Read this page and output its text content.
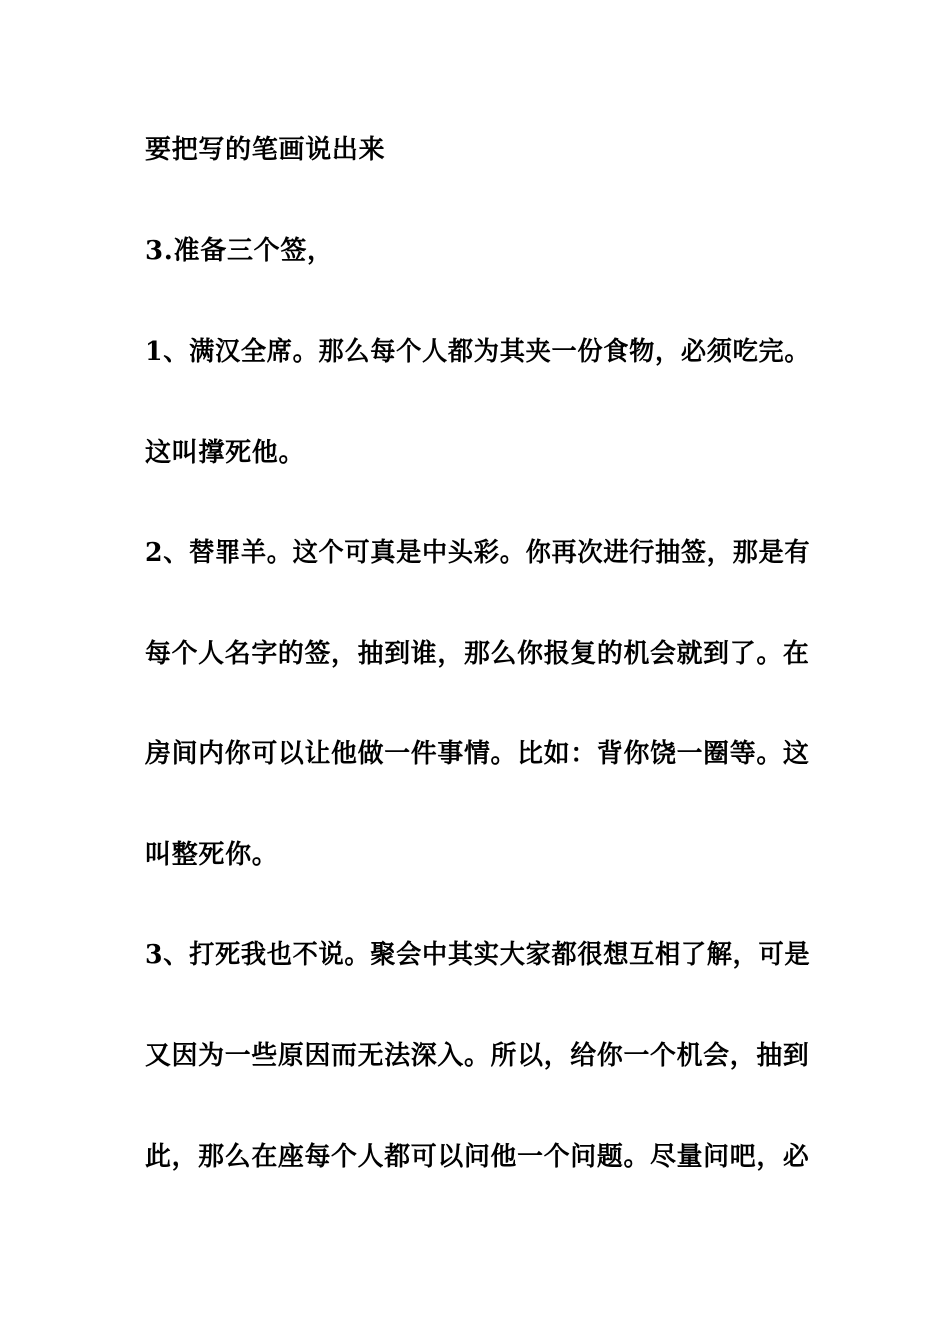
要把写的笔画说出来
3.准备三个签，
1、满汉全席。那么每个人都为其夹一份食物，必须吃完。
这叫撑死他。
2、替罪羊。这个可真是中头彩。你再次进行抽签，那是有
每个人名字的签，抽到谁，那么你报复的机会就到了。在
房间内你可以让他做一件事情。比如：背你饶一圈等。这
叫整死你。
3、打死我也不说。聚会中其实大家都很想互相了解，可是
又因为一些原因而无法深入。所以，给你一个机会，抽到
此，那么在座每个人都可以问他一个问题。尽量问吧，必
